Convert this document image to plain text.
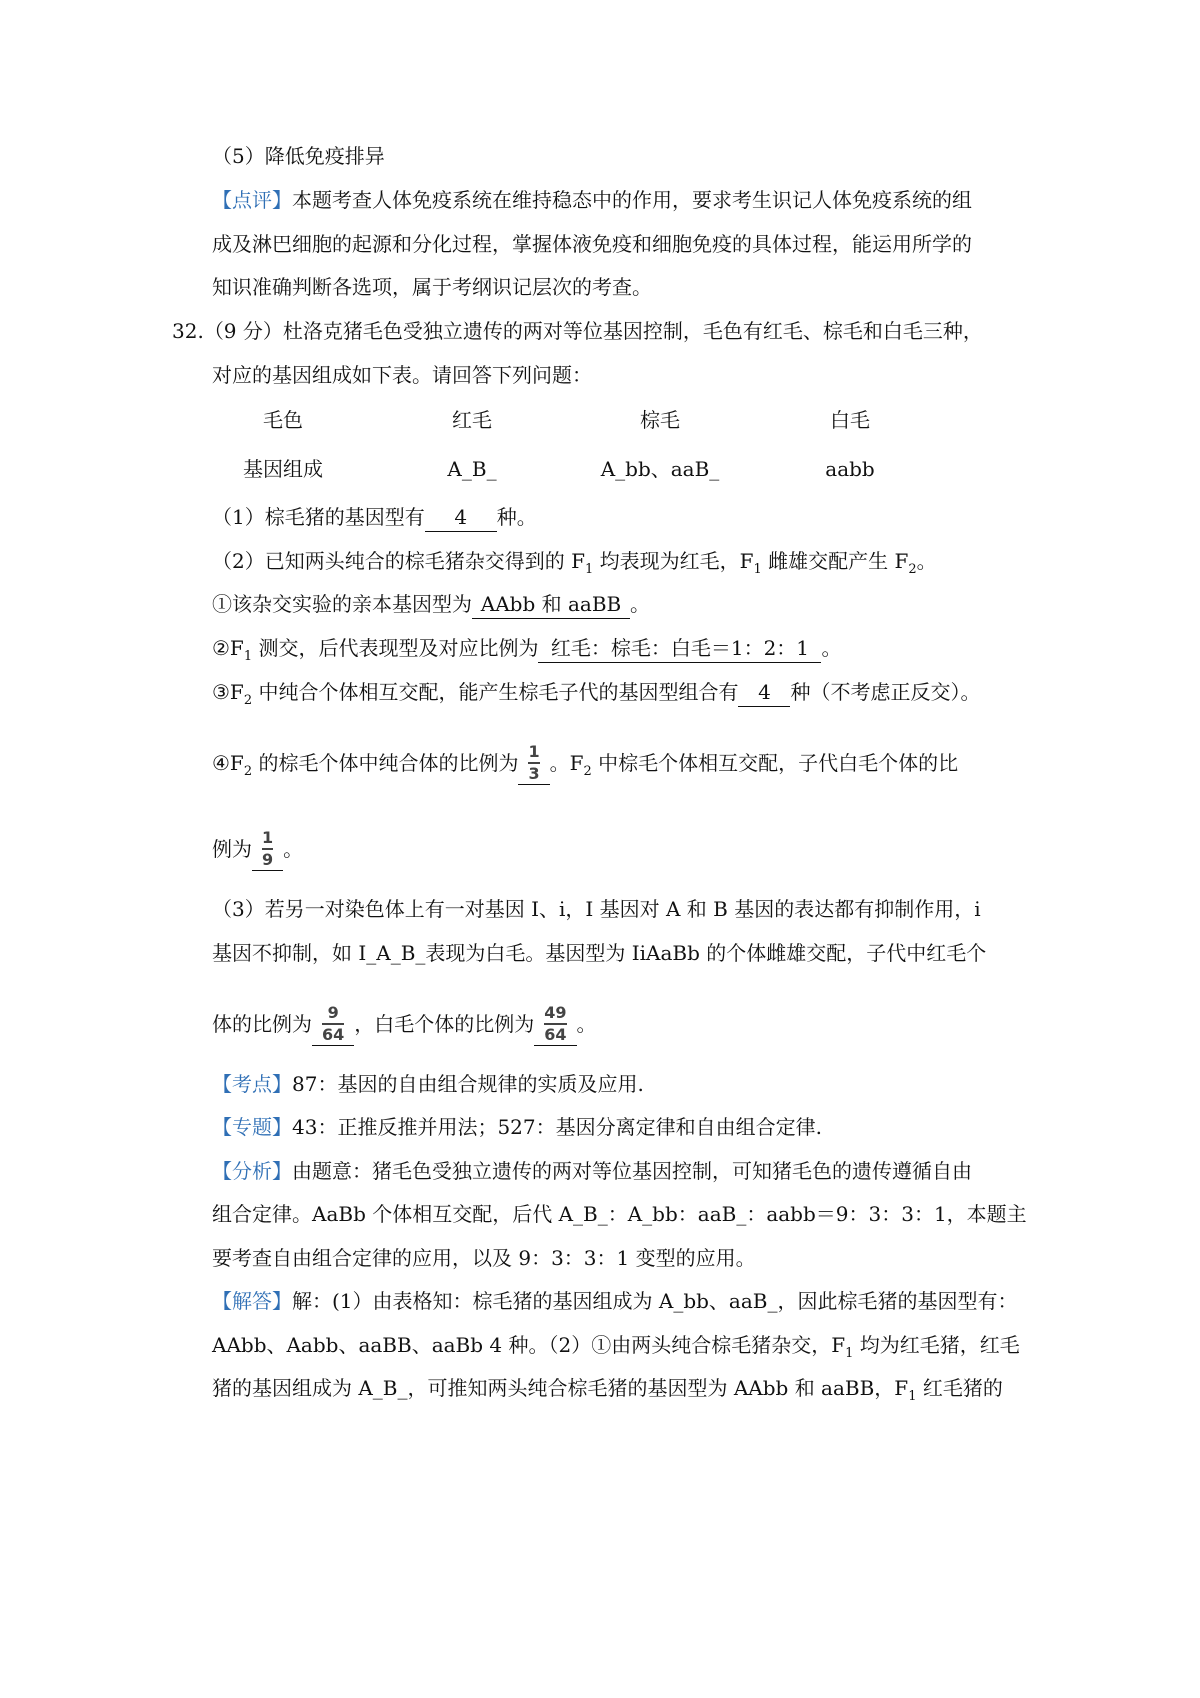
（5）降低免疫排异
【点评】本题考查人体免疫系统在维持稳态中的作用，要求考生识记人体免疫系统的组
成及淋巴细胞的起源和分化过程，掌握体液免疫和细胞免疫的具体过程，能运用所学的
知识准确判断各选项，属于考纲识记层次的考查。
32.（9 分）杜洛克猪毛色受独立遗传的两对等位基因控制，毛色有红毛、棕毛和白毛三种，
对应的基因组成如下表。请回答下列问题：
毛色	红毛	棕毛	白毛
基因组成	A_B_	A_bb、aaB_	aabb
（1）棕毛猪的基因型有 4 种。
（2）已知两头纯合的棕毛猪杂交得到的 $F_1$ 均表现为红毛，$F_1$ 雌雄交配产生 $F_2$。
①该杂交实验的亲本基因型为 AAbb 和 aaBB 。
$②F_1$ 测交，后代表现型及对应比例为 红毛：棕毛：白毛＝1：2：1 。
$③F_2$ 中纯合个体相互交配，能产生棕毛子代的基因型组合有 4 种（不考虑正反交）。
$④F_2$ 的棕毛个体中纯合体的比例为 $\frac{1}{3}$ 。$F_2$ 中棕毛个体相互交配，子代白毛个体的比
例为 $\frac{1}{9}$ 。
（3）若另一对染色体上有一对基因 I、i，I 基因对 A 和 B 基因的表达都有抑制作用，i
基因不抑制，如 I_A_B_表现为白毛。基因型为 IiAaBb 的个体雌雄交配，子代中红毛个
体的比例为 $\frac{9}{64}$ ，白毛个体的比例为 $\frac{49}{64}$ 。
【考点】87：基因的自由组合规律的实质及应用.
【专题】43：正推反推并用法；527：基因分离定律和自由组合定律.
【分析】由题意：猪毛色受独立遗传的两对等位基因控制，可知猪毛色的遗传遵循自由
组合定律。AaBb 个体相互交配，后代 A_B_：A_bb：aaB_：aabb＝9：3：3：1，本题主
要考查自由组合定律的应用，以及 9：3：3：1 变型的应用。
【解答】解：(1）由表格知：棕毛猪的基因组成为 A_bb、aaB_，因此棕毛猪的基因型有：
AAbb、Aabb、aaBB、aaBb 4 种。（2）①由两头纯合棕毛猪杂交，$F_1$ 均为红毛猪，红毛
猪的基因组成为 A_B_，可推知两头纯合棕毛猪的基因型为 AAbb 和 aaBB，$F_1$ 红毛猪的
